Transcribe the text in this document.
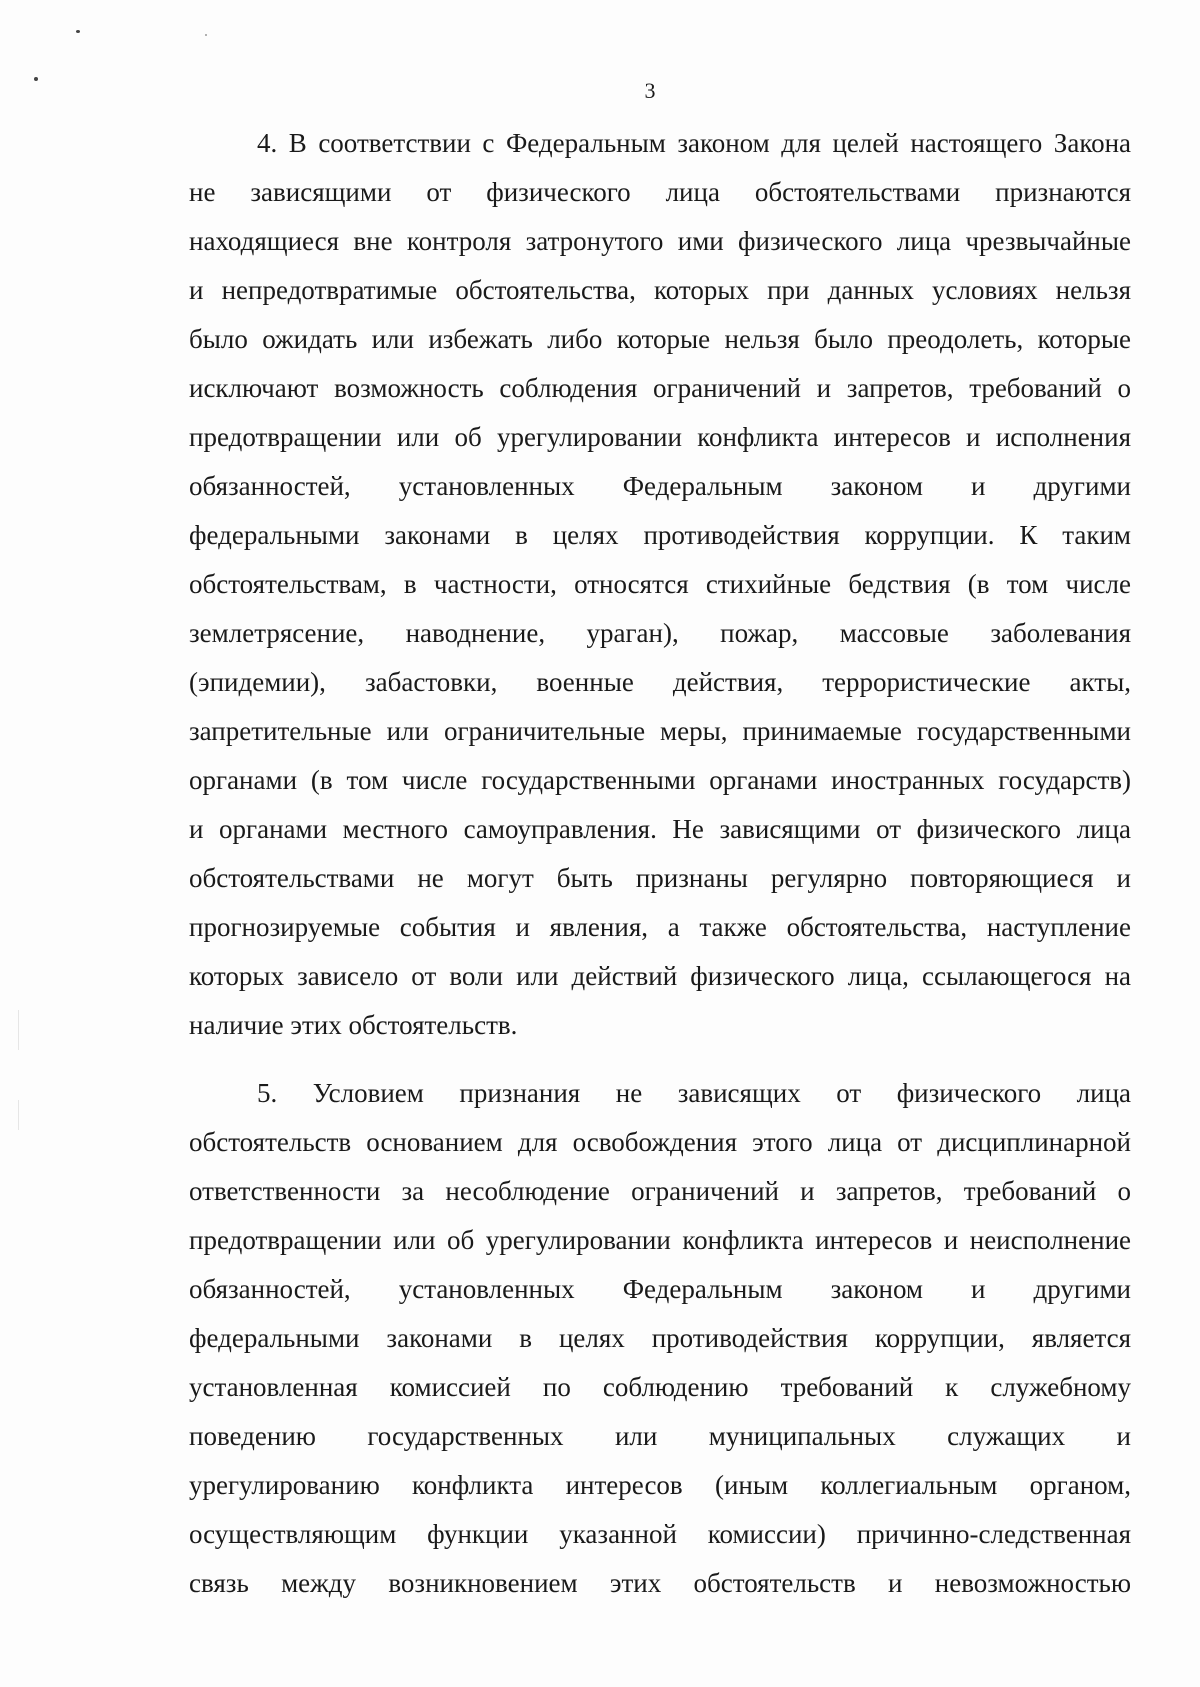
3
4. В соответствии с Федеральным законом для целей настоящего Закона
не зависящими от физического лица обстоятельствами признаются
находящиеся вне контроля затронутого ими физического лица чрезвычайные
и непредотвратимые обстоятельства, которых при данных условиях нельзя
было ожидать или избежать либо которые нельзя было преодолеть, которые
исключают возможность соблюдения ограничений и запретов, требований о
предотвращении или об урегулировании конфликта интересов и исполнения
обязанностей, установленных Федеральным законом и другими
федеральными законами в целях противодействия коррупции. К таким
обстоятельствам, в частности, относятся стихийные бедствия (в том числе
землетрясение, наводнение, ураган), пожар, массовые заболевания
(эпидемии), забастовки, военные действия, террористические акты,
запретительные или ограничительные меры, принимаемые государственными
органами (в том числе государственными органами иностранных государств)
и органами местного самоуправления. Не зависящими от физического лица
обстоятельствами не могут быть признаны регулярно повторяющиеся и
прогнозируемые события и явления, а также обстоятельства, наступление
которых зависело от воли или действий физического лица, ссылающегося на
наличие этих обстоятельств.
5. Условием признания не зависящих от физического лица
обстоятельств основанием для освобождения этого лица от дисциплинарной
ответственности за несоблюдение ограничений и запретов, требований о
предотвращении или об урегулировании конфликта интересов и неисполнение
обязанностей, установленных Федеральным законом и другими
федеральными законами в целях противодействия коррупции, является
установленная комиссией по соблюдению требований к служебному
поведению государственных или муниципальных служащих и
урегулированию конфликта интересов (иным коллегиальным органом,
осуществляющим функции указанной комиссии) причинно-следственная
связь между возникновением этих обстоятельств и невозможностью
